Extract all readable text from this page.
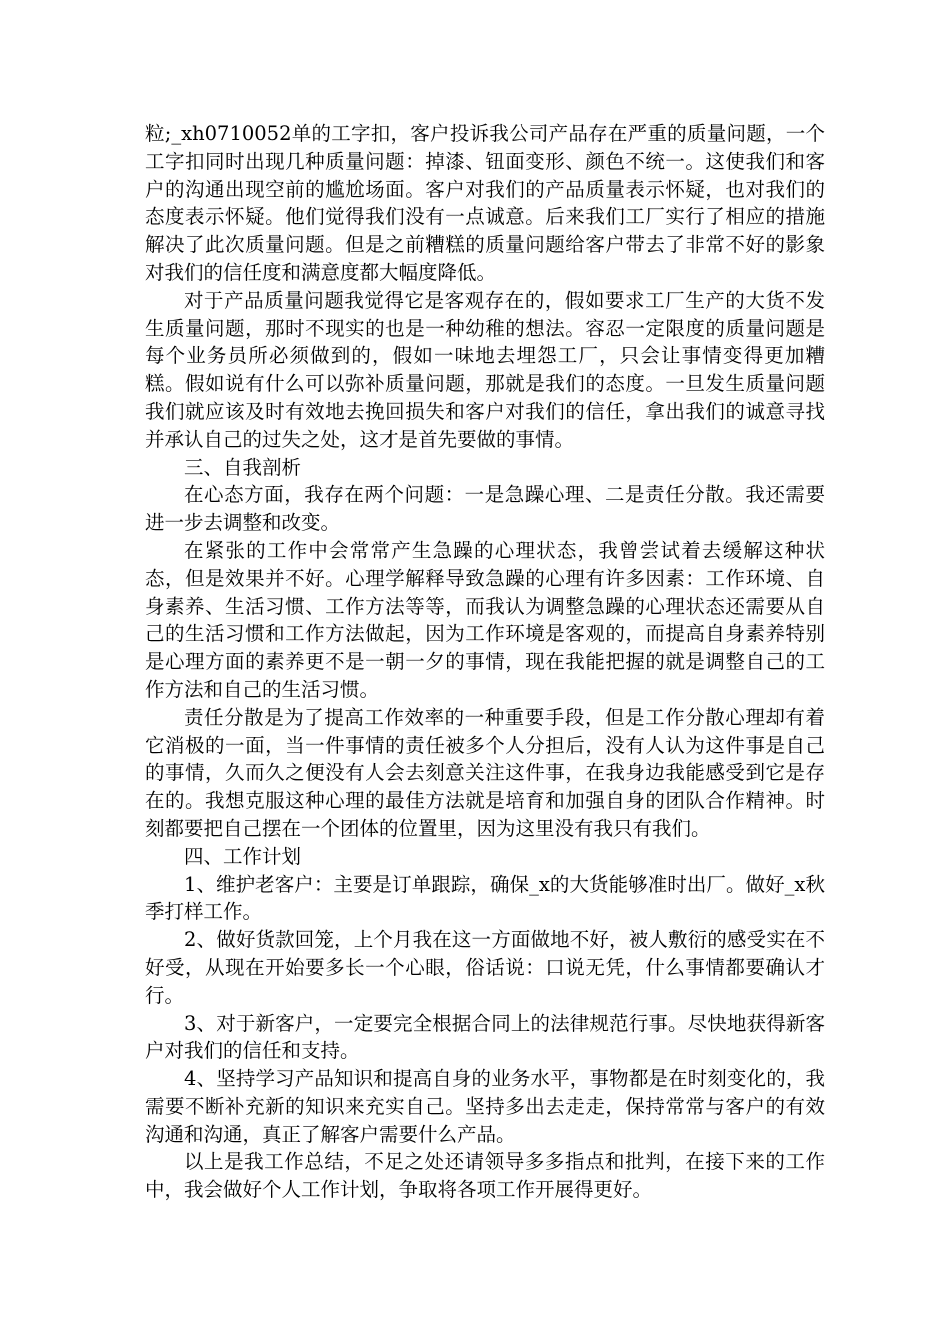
粒;_xh0710052单的工字扣，客户投诉我公司产品存在严重的质量问题，一个工字扣同时出现几种质量问题：掉漆、钮面变形、颜色不统一。这使我们和客户的沟通出现空前的尴尬场面。客户对我们的产品质量表示怀疑，也对我们的态度表示怀疑。他们觉得我们没有一点诚意。后来我们工厂实行了相应的措施解决了此次质量问题。但是之前糟糕的质量问题给客户带去了非常不好的影象对我们的信任度和满意度都大幅度降低。

对于产品质量问题我觉得它是客观存在的，假如要求工厂生产的大货不发生质量问题，那时不现实的也是一种幼稚的想法。容忍一定限度的质量问题是每个业务员所必须做到的，假如一味地去埋怨工厂，只会让事情变得更加糟糕。假如说有什么可以弥补质量问题，那就是我们的态度。一旦发生质量问题我们就应该及时有效地去挽回损失和客户对我们的信任，拿出我们的诚意寻找并承认自己的过失之处，这才是首先要做的事情。

三、自我剖析

在心态方面，我存在两个问题：一是急躁心理、二是责任分散。我还需要进一步去调整和改变。

在紧张的工作中会常常产生急躁的心理状态，我曾尝试着去缓解这种状态，但是效果并不好。心理学解释导致急躁的心理有许多因素：工作环境、自身素养、生活习惯、工作方法等等，而我认为调整急躁的心理状态还需要从自己的生活习惯和工作方法做起，因为工作环境是客观的，而提高自身素养特别是心理方面的素养更不是一朝一夕的事情，现在我能把握的就是调整自己的工作方法和自己的生活习惯。

责任分散是为了提高工作效率的一种重要手段，但是工作分散心理却有着它消极的一面，当一件事情的责任被多个人分担后，没有人认为这件事是自己的事情，久而久之便没有人会去刻意关注这件事，在我身边我能感受到它是存在的。我想克服这种心理的最佳方法就是培育和加强自身的团队合作精神。时刻都要把自己摆在一个团体的位置里，因为这里没有我只有我们。

四、工作计划

1、维护老客户：主要是订单跟踪，确保_x的大货能够准时出厂。做好_x秋季打样工作。

2、做好货款回笼，上个月我在这一方面做地不好，被人敷衍的感受实在不好受，从现在开始要多长一个心眼，俗话说：口说无凭，什么事情都要确认才行。

3、对于新客户，一定要完全根据合同上的法律规范行事。尽快地获得新客户对我们的信任和支持。

4、坚持学习产品知识和提高自身的业务水平，事物都是在时刻变化的，我需要不断补充新的知识来充实自己。坚持多出去走走，保持常常与客户的有效沟通和沟通，真正了解客户需要什么产品。

以上是我工作总结，不足之处还请领导多多指点和批判，在接下来的工作中，我会做好个人工作计划，争取将各项工作开展得更好。
